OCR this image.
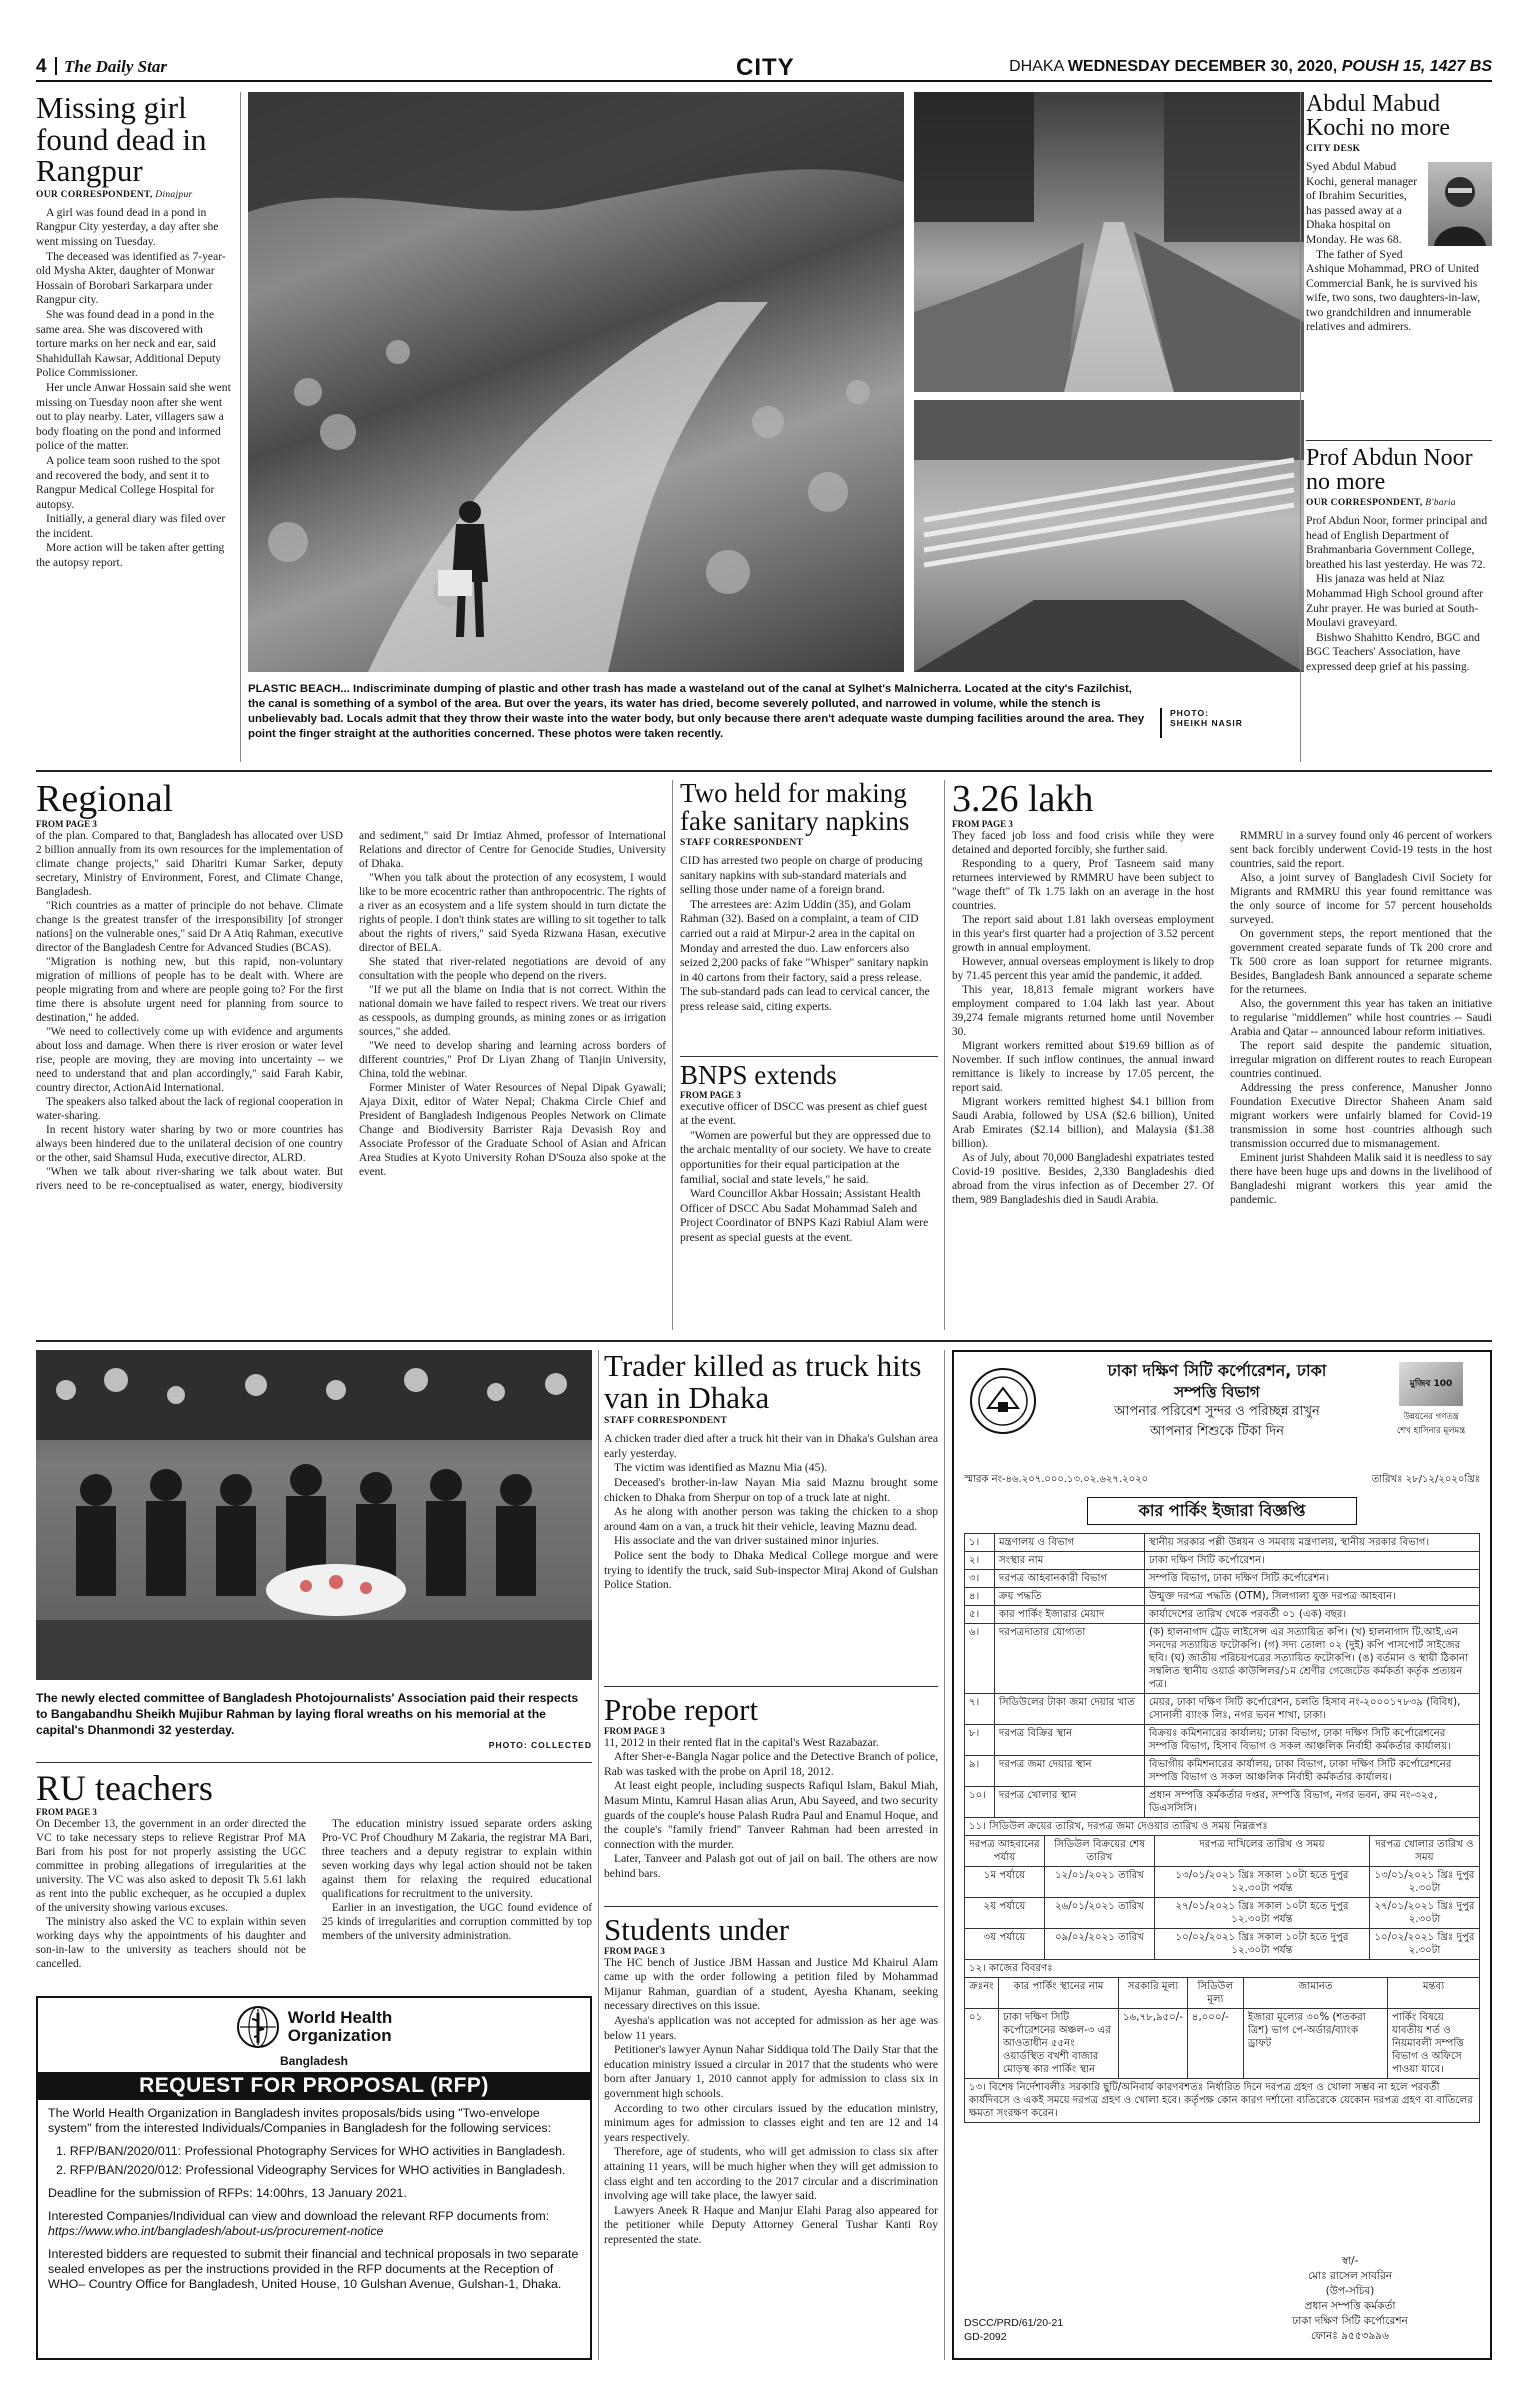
4 The Daily Star	CITY	DHAKA WEDNESDAY DECEMBER 30, 2020, POUSH 15, 1427 BS
Missing girl found dead in Rangpur
OUR CORRESPONDENT, Dinajpur

A girl was found dead in a pond in Rangpur City yesterday, a day after she went missing on Tuesday.

The deceased was identified as 7-year-old Mysha Akter, daughter of Monwar Hossain of Borobari Sarkarpara under Rangpur city.

She was found dead in a pond in the same area. She was discovered with torture marks on her neck and ear, said Shahidullah Kawsar, Additional Deputy Police Commissioner.

Her uncle Anwar Hossain said she went missing on Tuesday noon after she went out to play nearby. Later, villagers saw a body floating on the pond and informed police of the matter.

A police team soon rushed to the spot and recovered the body, and sent it to Rangpur Medical College Hospital for autopsy.

Initially, a general diary was filed over the incident.

More action will be taken after getting the autopsy report.

PLASTIC BEACH... Indiscriminate dumping of plastic and other trash has made a wasteland out of the canal at Sylhet's Malnicherra. Located at the city's Fazilchist, the canal is something of a symbol of the area. But over the years, its water has dried, become severely polluted, and narrowed in volume, while the stench is unbelievably bad. Locals admit that they throw their waste into the water body, but only because there aren't adequate waste dumping facilities around the area. They point the finger straight at the authorities concerned. These photos were taken recently.
PHOTO:
SHEIKH NASIR
Abdul Mabud Kochi no more
CITY DESK

Syed Abdul Mabud Kochi, general manager of Ibrahim Securities, has passed away at a Dhaka hospital on Monday. He was 68.

The father of Syed Ashique Mohammad, PRO of United Commercial Bank, he is survived his wife, two sons, two daughters-in-law, two grandchildren and innumerable relatives and admirers.

Prof Abdun Noor no more
OUR CORRESPONDENT, B'baria

Prof Abdun Noor, former principal and head of English Department of Brahmanbaria Government College, breathed his last yesterday. He was 72.

His janaza was held at Niaz Mohammad High School ground after Zuhr prayer. He was buried at South-Moulavi graveyard.

Bishwo Shahitto Kendro, BGC and BGC Teachers' Association, have expressed deep grief at his passing.

Regional
FROM PAGE 3

of the plan. Compared to that, Bangladesh has allocated over USD 2 billion annually from its own resources for the implementation of climate change projects," said Dharitri Kumar Sarker, deputy secretary, Ministry of Environment, Forest, and Climate Change, Bangladesh.

"Rich countries as a matter of principle do not behave. Climate change is the greatest transfer of the irresponsibility [of stronger nations] on the vulnerable ones," said Dr A Atiq Rahman, executive director of the Bangladesh Centre for Advanced Studies (BCAS).

"Migration is nothing new, but this rapid, non-voluntary migration of millions of people has to be dealt with. Where are people migrating from and where are people going to? For the first time there is absolute urgent need for planning from source to destination," he added.

"We need to collectively come up with evidence and arguments about loss and damage. When there is river erosion or water level rise, people are moving, they are moving into uncertainty -- we need to understand that and plan accordingly," said Farah Kabir, country director, ActionAid International.

The speakers also talked about the lack of regional cooperation in water-sharing.

In recent history water sharing by two or more countries has always been hindered due to the unilateral decision of one country or the other, said Shamsul Huda, executive director, ALRD.

"When we talk about river-sharing we talk about water. But rivers need to be re-conceptualised as water, energy, biodiversity and sediment," said Dr Imtiaz Ahmed, professor of International Relations and director of Centre for Genocide Studies, University of Dhaka.

"When you talk about the protection of any ecosystem, I would like to be more ecocentric rather than anthropocentric. The rights of a river as an ecosystem and a life system should in turn dictate the rights of people. I don't think states are willing to sit together to talk about the rights of rivers," said Syeda Rizwana Hasan, executive director of BELA.

She stated that river-related negotiations are devoid of any consultation with the people who depend on the rivers.

"If we put all the blame on India that is not correct. Within the national domain we have failed to respect rivers. We treat our rivers as cesspools, as dumping grounds, as mining zones or as irrigation sources," she added.

"We need to develop sharing and learning across borders of different countries," Prof Dr Liyan Zhang of Tianjin University, China, told the webinar.

Former Minister of Water Resources of Nepal Dipak Gyawali; Ajaya Dixit, editor of Water Nepal; Chakma Circle Chief and President of Bangladesh Indigenous Peoples Network on Climate Change and Biodiversity Barrister Raja Devasish Roy and Associate Professor of the Graduate School of Asian and African Area Studies at Kyoto University Rohan D'Souza also spoke at the event.

Two held for making fake sanitary napkins
STAFF CORRESPONDENT

CID has arrested two people on charge of producing sanitary napkins with sub-standard materials and selling those under name of a foreign brand.

The arrestees are: Azim Uddin (35), and Golam Rahman (32). Based on a complaint, a team of CID carried out a raid at Mirpur-2 area in the capital on Monday and arrested the duo. Law enforcers also seized 2,200 packs of fake "Whisper" sanitary napkin in 40 cartons from their factory, said a press release. The sub-standard pads can lead to cervical cancer, the press release said, citing experts.

BNPS extends
FROM PAGE 3

executive officer of DSCC was present as chief guest at the event.

"Women are powerful but they are oppressed due to the archaic mentality of our society. We have to create opportunities for their equal participation at the familial, social and state levels," he said.

Ward Councillor Akbar Hossain; Assistant Health Officer of DSCC Abu Sadat Mohammad Saleh and Project Coordinator of BNPS Kazi Rabiul Alam were present as special guests at the event.

3.26 lakh
FROM PAGE 3

They faced job loss and food crisis while they were detained and deported forcibly, she further said.

Responding to a query, Prof Tasneem said many returnees interviewed by RMMRU have been subject to "wage theft" of Tk 1.75 lakh on an average in the host countries.

The report said about 1.81 lakh overseas employment in this year's first quarter had a projection of 3.52 percent growth in annual employment.

However, annual overseas employment is likely to drop by 71.45 percent this year amid the pandemic, it added.

This year, 18,813 female migrant workers have employment compared to 1.04 lakh last year. About 39,274 female migrants returned home until November 30.

Migrant workers remitted about $19.69 billion as of November. If such inflow continues, the annual inward remittance is likely to increase by 17.05 percent, the report said.

Migrant workers remitted highest $4.1 billion from Saudi Arabia, followed by USA ($2.6 billion), United Arab Emirates ($2.14 billion), and Malaysia ($1.38 billion).

As of July, about 70,000 Bangladeshi expatriates tested Covid-19 positive. Besides, 2,330 Bangladeshis died abroad from the virus infection as of December 27. Of them, 989 Bangladeshis died in Saudi Arabia.

RMMRU in a survey found only 46 percent of workers sent back forcibly underwent Covid-19 tests in the host countries, said the report.

Also, a joint survey of Bangladesh Civil Society for Migrants and RMMRU this year found remittance was the only source of income for 57 percent households surveyed.

On government steps, the report mentioned that the government created separate funds of Tk 200 crore and Tk 500 crore as loan support for returnee migrants. Besides, Bangladesh Bank announced a separate scheme for the returnees.

Also, the government this year has taken an initiative to regularise "middlemen" while host countries -- Saudi Arabia and Qatar -- announced labour reform initiatives.

The report said despite the pandemic situation, irregular migration on different routes to reach European countries continued.

Addressing the press conference, Manusher Jonno Foundation Executive Director Shaheen Anam said migrant workers were unfairly blamed for Covid-19 transmission in some host countries although such transmission occurred due to mismanagement.

Eminent jurist Shahdeen Malik said it is needless to say there have been huge ups and downs in the livelihood of Bangladeshi migrant workers this year amid the pandemic.

The newly elected committee of Bangladesh Photojournalists' Association paid their respects to Bangabandhu Sheikh Mujibur Rahman by laying floral wreaths on his memorial at the capital's Dhanmondi 32 yesterday.
PHOTO: COLLECTED
RU teachers
FROM PAGE 3

On December 13, the government in an order directed the VC to take necessary steps to relieve Registrar Prof MA Bari from his post for not properly assisting the UGC committee in probing allegations of irregularities at the university. The VC was also asked to deposit Tk 5.61 lakh as rent into the public exchequer, as he occupied a duplex of the university showing various excuses.

The ministry also asked the VC to explain within seven working days why the appointments of his daughter and son-in-law to the university as teachers should not be cancelled.

The education ministry issued separate orders asking Pro-VC Prof Choudhury M Zakaria, the registrar MA Bari, three teachers and a deputy registrar to explain within seven working days why legal action should not be taken against them for relaxing the required educational qualifications for recruitment to the university.

Earlier in an investigation, the UGC found evidence of 25 kinds of irregularities and corruption committed by top members of the university administration.

World Health
Organization
Bangladesh
REQUEST FOR PROPOSAL (RFP)

The World Health Organization in Bangladesh invites proposals/bids using "Two-envelope system" from the interested Individuals/Companies in Bangladesh for the following services:

1. RFP/BAN/2020/011: Professional Photography Services for WHO activities in Bangladesh.

2. RFP/BAN/2020/012: Professional Videography Services for WHO activities in Bangladesh.

Deadline for the submission of RFPs: 14:00hrs, 13 January 2021.

Interested Companies/Individual can view and download the relevant RFP documents from:

https://www.who.int/bangladesh/about-us/procurement-notice

Interested bidders are requested to submit their financial and technical proposals in two separate sealed envelopes as per the instructions provided in the RFP documents at the Reception of WHO– Country Office for Bangladesh, United House, 10 Gulshan Avenue, Gulshan-1, Dhaka.

Trader killed as truck hits van in Dhaka
STAFF CORRESPONDENT

A chicken trader died after a truck hit their van in Dhaka's Gulshan area early yesterday.

The victim was identified as Maznu Mia (45).

Deceased's brother-in-law Nayan Mia said Maznu brought some chicken to Dhaka from Sherpur on top of a truck late at night.

As he along with another person was taking the chicken to a shop around 4am on a van, a truck hit their vehicle, leaving Maznu dead.

His associate and the van driver sustained minor injuries.

Police sent the body to Dhaka Medical College morgue and were trying to identify the truck, said Sub-inspector Miraj Akond of Gulshan Police Station.

Probe report
FROM PAGE 3

11, 2012 in their rented flat in the capital's West Razabazar.

After Sher-e-Bangla Nagar police and the Detective Branch of police, Rab was tasked with the probe on April 18, 2012.

At least eight people, including suspects Rafiqul Islam, Bakul Miah, Masum Mintu, Kamrul Hasan alias Arun, Abu Sayeed, and two security guards of the couple's house Palash Rudra Paul and Enamul Hoque, and the couple's "family friend" Tanveer Rahman had been arrested in connection with the murder.

Later, Tanveer and Palash got out of jail on bail. The others are now behind bars.

Students under
FROM PAGE 3

The HC bench of Justice JBM Hassan and Justice Md Khairul Alam came up with the order following a petition filed by Mohammad Mijanur Rahman, guardian of a student, Ayesha Khanam, seeking necessary directives on this issue.

Ayesha's application was not accepted for admission as her age was below 11 years.

Petitioner's lawyer Aynun Nahar Siddiqua told The Daily Star that the education ministry issued a circular in 2017 that the students who were born after January 1, 2010 cannot apply for admission to class six in government high schools.

According to two other circulars issued by the education ministry, minimum ages for admission to classes eight and ten are 12 and 14 years respectively.

Therefore, age of students, who will get admission to class six after attaining 11 years, will be much higher when they will get admission to class eight and ten according to the 2017 circular and a discrimination involving age will take place, the lawyer said.

Lawyers Aneek R Haque and Manjur Elahi Parag also appeared for the petitioner while Deputy Attorney General Tushar Kanti Roy represented the state.

ঢাকা দক্ষিণ সিটি কর্পোরেশন, ঢাকা
সম্পত্তি বিভাগ
আপনার পরিবেশ সুন্দর ও পরিচ্ছন্ন রাখুন
আপনার শিশুকে টিকা দিন
মুজিব 100
উন্নয়নের গণতন্ত্র
শেখ হাসিনার মূলমন্ত্র
স্মারক নং-৪৬.২০৭.০০০.১৩.০২.৬২৭.২০২০	তারিখঃ ২৮/১২/২০২০খ্রিঃ
কার পার্কিং ইজারা বিজ্ঞপ্তি
১।	মন্ত্রণালয় ও বিভাগ	স্থানীয় সরকার পল্লী উন্নয়ন ও সমবায় মন্ত্রণালয়, স্থানীয় সরকার বিভাগ।
২।	সংস্থার নাম	ঢাকা দক্ষিণ সিটি কর্পোরেশন।
৩।	দরপত্র আহবানকারী বিভাগ	সম্পত্তি বিভাগ, ঢাকা দক্ষিণ সিটি কর্পোরেশন।
৪।	ক্রয় পদ্ধতি	উন্মুক্ত দরপত্র পদ্ধতি (OTM), সিলগালা যুক্ত দরপত্র আহবান।
৫।	কার পার্কিং ইজারার মেয়াদ	কার্যাদেশের তারিখ থেকে পরবর্তী ০১ (এক) বছর।
৬।	দরপত্রদাতার যোগ্যতা	(ক) হালনাগাদ ট্রেড লাইসেন্স এর সত্যায়িত কপি। (খ) হালনাগাদ টি.আই.এন সনদের সত্যায়িত ফটোকপি। (গ) সদ্য তোলা ০২ (দুই) কপি পাসপোর্ট সাইজের ছবি। (ঘ) জাতীয় পরিচয়পত্রের সত্যায়িত ফটোকপি। (ঙ) বর্তমান ও স্থায়ী ঠিকানা সম্বলিত স্থানীয় ওয়ার্ড কাউন্সিলর/১ম শ্রেণীর গেজেটেড কর্মকর্তা কর্তৃক প্রত্যয়ন পত্র।
৭।	সিডিউলের টাকা জমা দেয়ার খাত	মেয়র, ঢাকা দক্ষিণ সিটি কর্পোরেশন, চলতি হিসাব নং-২০০০১৭৮৩৯ (বিবিধ), সোনালী ব্যাংক লিঃ, নগর ভবন শাখা, ঢাকা।
৮।	দরপত্র বিক্রির স্থান	বিক্রয়ঃ কমিশনারের কার্যালয়; ঢাকা বিভাগ, ঢাকা দক্ষিণ সিটি কর্পোরেশনের সম্পত্তি বিভাগ, হিসাব বিভাগ ও সকল আঞ্চলিক নির্বাহী কর্মকর্তার কার্যালয়।
৯।	দরপত্র জমা দেয়ার স্থান	বিভাগীয় কমিশনারের কার্যালয়, ঢাকা বিভাগ, ঢাকা দক্ষিণ সিটি কর্পোরেশনের সম্পত্তি বিভাগ ও সকল আঞ্চলিক নির্বাহী কর্মকর্তার কার্যালয়।
১০।	দরপত্র খোলার স্থান	প্রধান সম্পত্তি কর্মকর্তার দপ্তর, সম্পত্তি বিভাগ, নগর ভবন, রুম নং-৩২৫, ডিএসসিসি।
১১। সিডিউল ক্রয়ের তারিখ, দরপত্র জমা দেওয়ার তারিখ ও সময় নিম্নরূপঃ		
দরপত্র আহবানের পর্যায়	সিডিউল বিক্রয়ের শেষ তারিখ	দরপত্র দাখিলের তারিখ ও সময়	দরপত্র খোলার তারিখ ও সময়
১ম পর্যায়ে	১২/০১/২০২১ তারিখ	১৩/০১/২০২১ খ্রিঃ সকাল ১০টা হতে দুপুর ১২.৩০টা পর্যন্ত	১৩/০১/২০২১ খ্রিঃ দুপুর ২.৩০টা
২য় পর্যায়ে	২৬/০১/২০২১ তারিখ	২৭/০১/২০২১ খ্রিঃ সকাল ১০টা হতে দুপুর ১২.৩০টা পর্যন্ত	২৭/০১/২০২১ খ্রিঃ দুপুর ২.৩০টা
৩য় পর্যায়ে	০৯/০২/২০২১ তারিখ	১০/০২/২০২১ খ্রিঃ সকাল ১০টা হতে দুপুর ১২.৩০টা পর্যন্ত	১০/০২/২০২১ খ্রিঃ দুপুর ২.৩০টা
১২। কাজের বিবরণঃ			
ক্রঃনং	কার পার্কিং স্থানের নাম	সরকারি মূল্য	সিডিউল মূল্য	জামানত	মন্তব্য
০১	ঢাকা দক্ষিণ সিটি কর্পোরেশনের অঞ্চল-৩ এর আওতাধীন ৫৫নং ওয়ার্ডস্থিত বখশী বাজার মোড়স্থ কার পার্কিং স্থান	১৬,৭৮,৯৫০/-	৪,০০০/-	ইজারা মূল্যের ৩০% (শতকরা ত্রিশ) ভাগ পে-অর্ডার/ব্যাংক ড্রাফট	পার্কিং বিষয়ে যাবতীয় শর্ত ও নিয়মাবলী সম্পত্তি বিভাগ ও অফিসে পাওয়া যাবে।
১৩। বিশেষ নির্দেশাবলীঃ সরকারি ছুটি/অনিবার্য কারণবশতঃ নির্ধারিত দিনে দরপত্র গ্রহণ ও খোলা সম্ভব না হলে পরবর্তী কার্যদিবসে ও একই সময়ে দরপত্র গ্রহণ ও খোলা হবে। কর্তৃপক্ষ কোন কারণ দর্শানো ব্যতিরেকে যেকোন দরপত্র গ্রহণ বা বাতিলের ক্ষমতা সংরক্ষণ করেন।					
স্বা/-
মোঃ রাসেল সাবরিন
(উপ-সচিব)
প্রধান সম্পত্তি কর্মকর্তা
ঢাকা দক্ষিণ সিটি কর্পোরেশন
ফোনঃ ৯৫৫৩৯৯৬
DSCC/PRD/61/20-21
GD-2092
